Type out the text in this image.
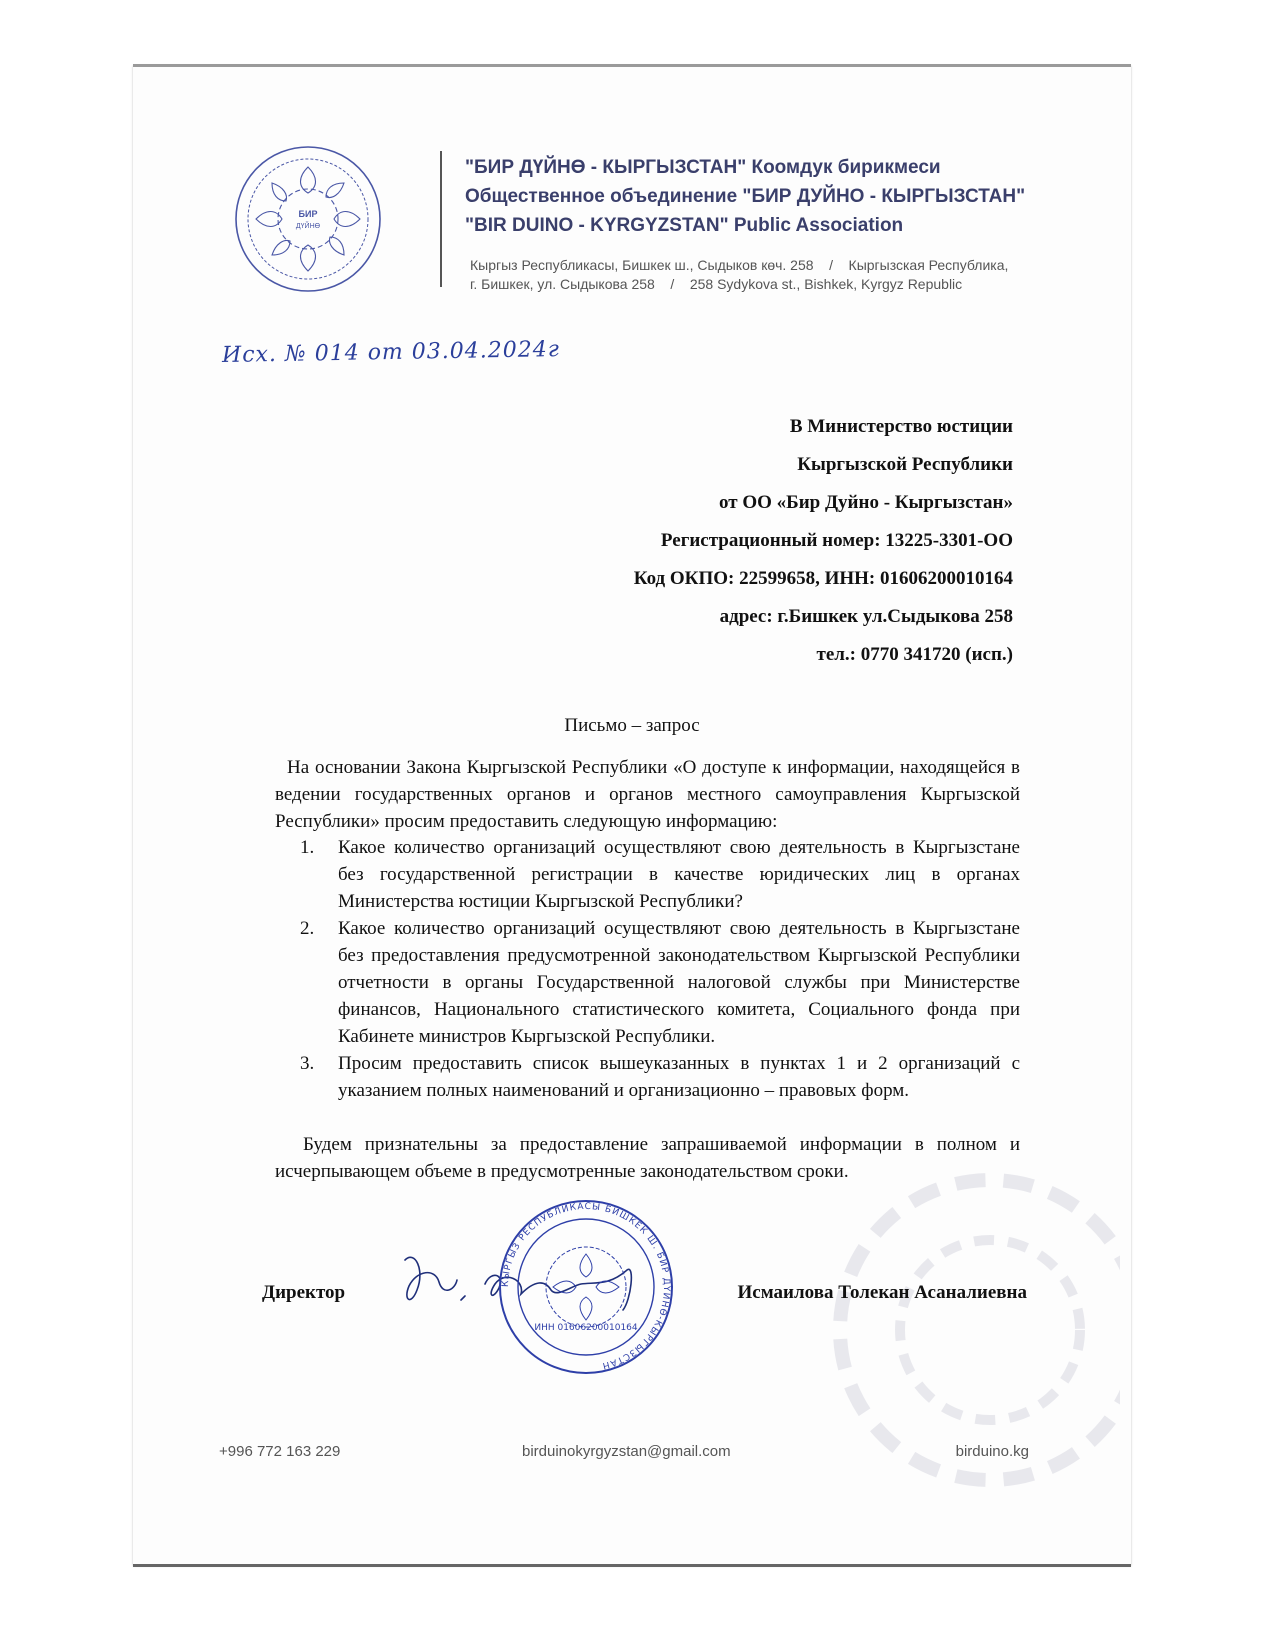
БИР
ДҮЙНӨ
"БИР ДҮЙНӨ - КЫРГЫЗСТАН" Коомдук бирикмеси
Общественное объединение "БИР ДУЙНО - КЫРГЫЗСТАН"
"BIR DUINO - KYRGYZSTAN" Public Association
Кыргыз Республикасы, Бишкек ш., Сыдыков көч. 258    /    Кыргызская Республика,
г. Бишкек, ул. Сыдыкова 258    /    258 Sydykova st., Bishkek, Kyrgyz Republic
Исх. № 014 от 03.04.2024г
В Министерство юстиции
Кыргызской Республики
от ОО «Бир Дуйно - Кыргызстан»
Регистрационный номер: 13225-3301-ОО
Код ОКПО: 22599658, ИНН: 01606200010164
адрес: г.Бишкек ул.Сыдыкова 258
тел.: 0770 341720 (исп.)
Письмо – запрос
На основании Закона Кыргызской Республики «О доступе к информации, находящейся в ведении государственных органов и органов местного самоуправления Кыргызской Республики» просим предоставить следующую информацию:
1. Какое количество организаций осуществляют свою деятельность в Кыргызстане без государственной регистрации в качестве юридических лиц в органах Министерства юстиции Кыргызской Республики?
2. Какое количество организаций осуществляют свою деятельность в Кыргызстане без предоставления предусмотренной законодательством Кыргызской Республики отчетности в органы Государственной налоговой службы при Министерстве финансов, Национального статистического комитета, Социального фонда при Кабинете министров Кыргызской Республики.
3. Просим предоставить список вышеуказанных в пунктах 1 и 2 организаций с указанием полных наименований и организационно – правовых форм.
Будем признательны за предоставление запрашиваемой информации в полном и исчерпывающем объеме в предусмотренные законодательством сроки.
Директор	КЫРГЫЗ РЕСПУБЛИКАСЫ БИШКЕК Ш. БИР ДҮЙНӨ-КЫРГЫЗСТАН
ИНН 01606200010164
Исмаилова Толекан Асаналиевна
+996 772 163 229	birduinokyrgyzstan@gmail.com	birduino.kg
